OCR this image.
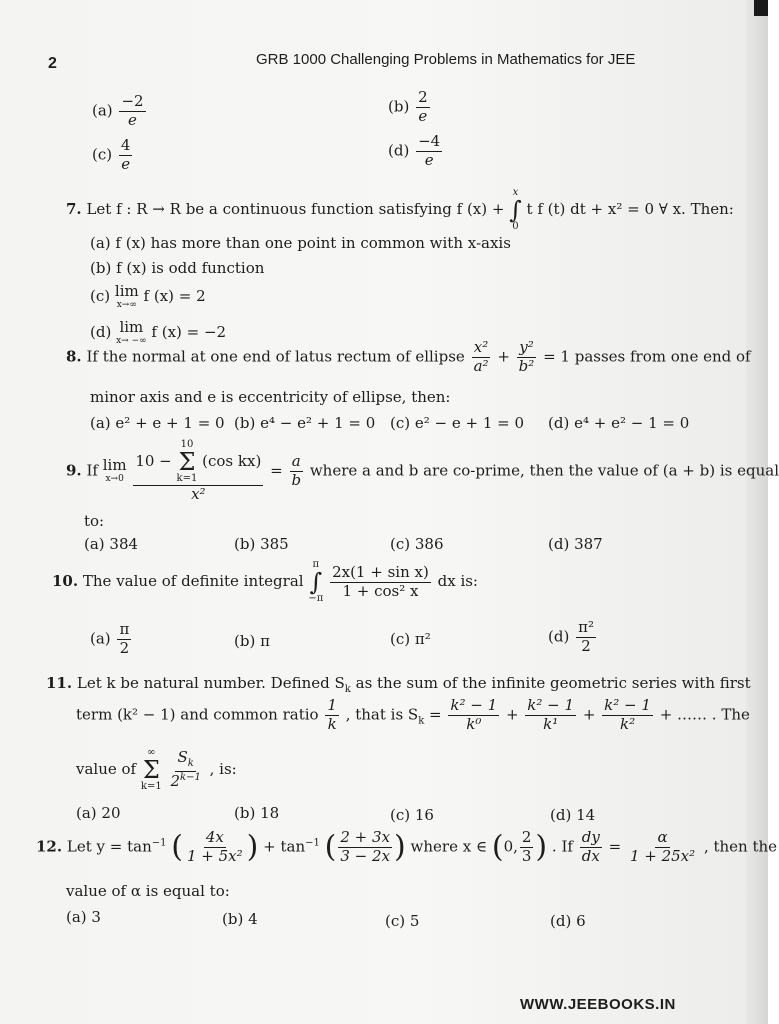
2	GRB 1000 Challenging Problems in Mathematics for JEE
$(a) \frac{-2}{e}$	$(b) \frac{2}{e}$
$(c) \frac{4}{e}$	$(d) \frac{-4}{e}$
7. Let f : R → R be a continuous function satisfying f (x) +
x
∫
0
t f (t) dt + x² = 0 ∀ x. Then:
(a) f (x) has more than one point in common with x-axis
(b) f (x) is odd function
(c) lim
x→∞ f (x) = 2
(d) lim
x→ −∞ f (x) = −2
8. If the normal at one end of latus rectum of ellipse $\frac{\text{x²}}{\text{a²}} + \frac{\text{y²}}{\text{b²}} = 1$ passes from one end of
minor axis and e is eccentricity of ellipse, then:
(a) e² + e + 1 = 0 (b) e⁴ − e² + 1 = 0 (c) e² − e + 1 = 0 (d) e⁴ + e² − 1 = 0
9. If lim
x→0
10 −
10
Σ
k=1
(cos kx)
$x^2 = \frac{a}{b}$ where a and b are co-prime, then the value of (a + b) is equal
to:
(a) 384	(b) 385	(c) 386	(d) 387
10. The value of definite integral
π
∫
−π
$\frac{\text{2x(1 + sin x)}}{\text{1 + cos² x}}$ dx is:
$(a) \frac{\pi}{2}$	(b) π	(c) π²	$(d) \frac{\text{π²}}{2}$
11. Let k be natural number. Defined $S_k$ as the sum of the infinite geometric series with first
term (k² − 1) and common ratio $\frac{1}{k}$ , that is $S_k = \frac{\text{k² − 1}}{\text{k⁰}} + \frac{\text{k² − 1}}{\text{k¹}} + \frac{\text{k² − 1}}{\text{k²}}$ + …… . The
value of
∞
Σ
k=1
$\frac{S_k}{2^{k-1}}$ , is:
(a) 20	(b) 18	(c) 16	(d) 14
12. Let $y = \tan^{-1}$ ( $\frac{4x}{\text{1 + 5x²}}$ ) + $\tan^{-1}$ ( $\frac{2 + 3x}{3 - 2x}$ ) where x ∈ (0, $\frac{2}{3}$ ) . If $\frac{dy}{dx} = \frac{\alpha}{\text{1 + 25x²}}$ , then the
value of α is equal to:
(a) 3	(b) 4	(c) 5	(d) 6
WWW.JEEBOOKS.IN
